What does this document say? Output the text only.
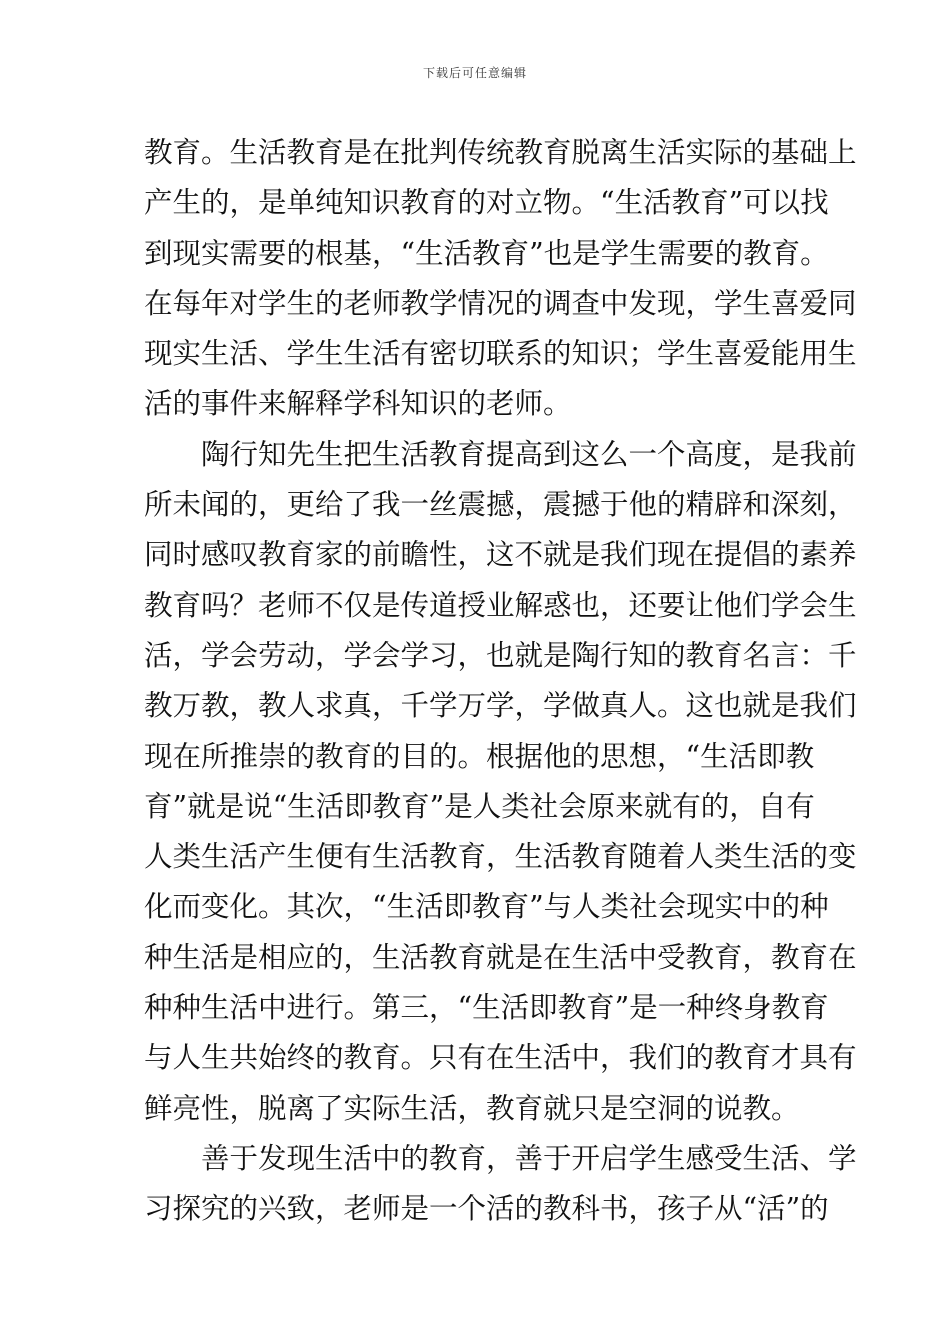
下载后可任意编辑
教育。生活教育是在批判传统教育脱离生活实际的基础上
产生的，是单纯知识教育的对立物。“生活教育”可以找
到现实需要的根基，“生活教育”也是学生需要的教育。
在每年对学生的老师教学情况的调查中发现，学生喜爱同
现实生活、学生生活有密切联系的知识；学生喜爱能用生
活的事件来解释学科知识的老师。
　　陶行知先生把生活教育提高到这么一个高度，是我前
所未闻的，更给了我一丝震撼，震撼于他的精辟和深刻，
同时感叹教育家的前瞻性，这不就是我们现在提倡的素养
教育吗？老师不仅是传道授业解惑也，还要让他们学会生
活，学会劳动，学会学习，也就是陶行知的教育名言：千
教万教，教人求真，千学万学，学做真人。这也就是我们
现在所推崇的教育的目的。根据他的思想，“生活即教
育”就是说“生活即教育”是人类社会原来就有的，自有
人类生活产生便有生活教育，生活教育随着人类生活的变
化而变化。其次，“生活即教育”与人类社会现实中的种
种生活是相应的，生活教育就是在生活中受教育，教育在
种种生活中进行。第三，“生活即教育”是一种终身教育
与人生共始终的教育。只有在生活中，我们的教育才具有
鲜亮性，脱离了实际生活，教育就只是空洞的说教。
　　善于发现生活中的教育，善于开启学生感受生活、学
习探究的兴致，老师是一个活的教科书，孩子从“活”的
